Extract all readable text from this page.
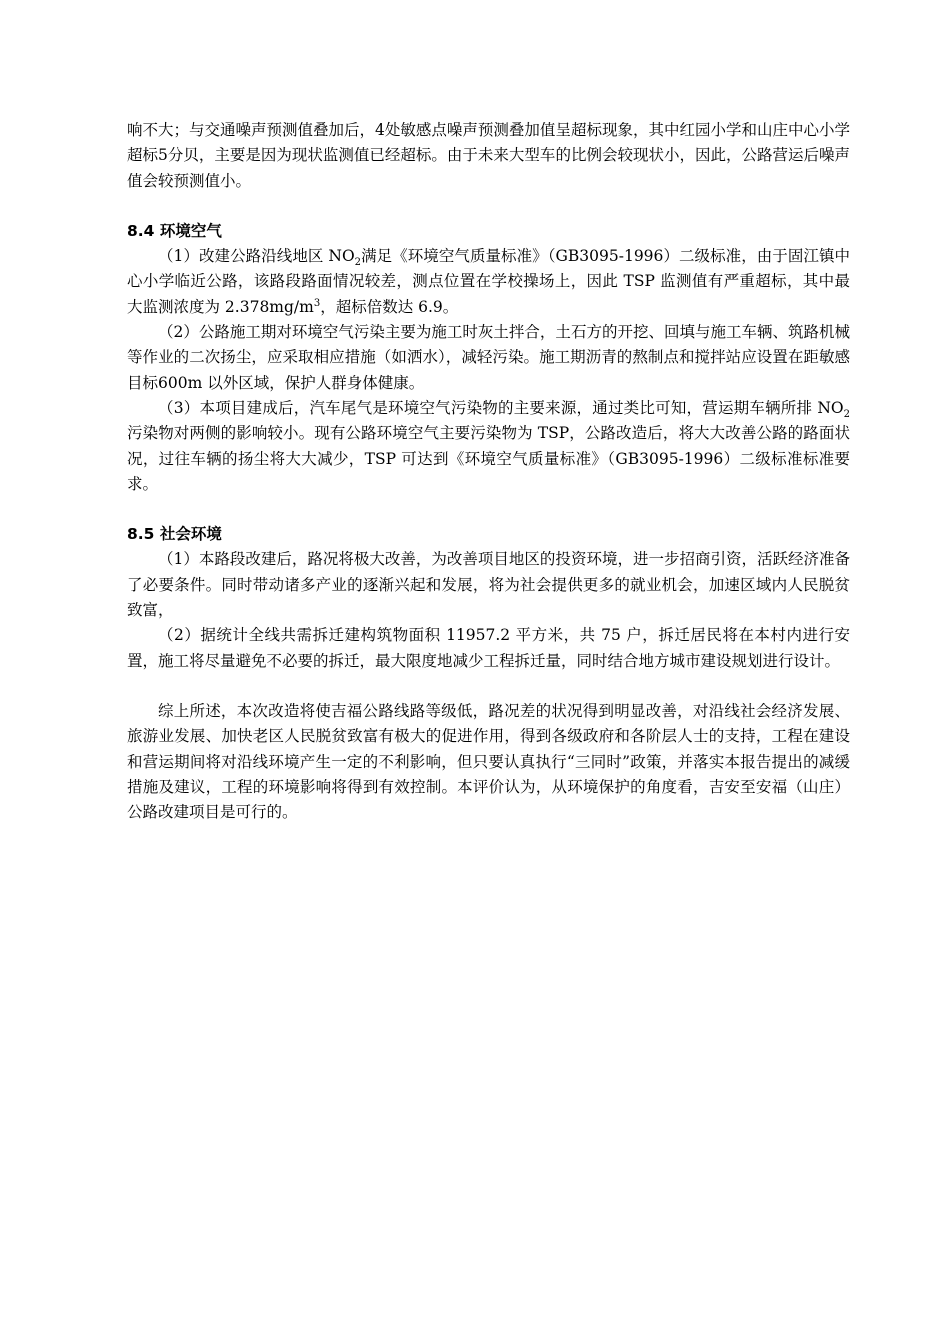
响不大；与交通噪声预测值叠加后，4处敏感点噪声预测叠加值呈超标现象，其中红园小学和山庄中心小学超标5分贝，主要是因为现状监测值已经超标。由于未来大型车的比例会较现状小，因此，公路营运后噪声值会较预测值小。

8.4 环境空气

（1）改建公路沿线地区 $NO_2$满足《环境空气质量标准》（GB3095-1996）二级标准，由于固江镇中心小学临近公路，该路段路面情况较差，测点位置在学校操场上，因此 TSP 监测值有严重超标，其中最大监测浓度为 $2.378mg/m^3$，超标倍数达 6.9。

（2）公路施工期对环境空气污染主要为施工时灰土拌合，土石方的开挖、回填与施工车辆、筑路机械等作业的二次扬尘，应采取相应措施（如洒水），减轻污染。施工期沥青的熬制点和搅拌站应设置在距敏感目标600m 以外区域，保护人群身体健康。

（3）本项目建成后，汽车尾气是环境空气污染物的主要来源，通过类比可知，营运期车辆所排 $NO_2$污染物对两侧的影响较小。现有公路环境空气主要污染物为 TSP，公路改造后，将大大改善公路的路面状况，过往车辆的扬尘将大大减少，TSP 可达到《环境空气质量标准》（GB3095-1996）二级标准标准要求。

8.5 社会环境

（1）本路段改建后，路况将极大改善，为改善项目地区的投资环境，进一步招商引资，活跃经济准备了必要条件。同时带动诸多产业的逐渐兴起和发展，将为社会提供更多的就业机会，加速区域内人民脱贫致富，

（2）据统计全线共需拆迁建构筑物面积 11957.2 平方米，共 75 户，拆迁居民将在本村内进行安置，施工将尽量避免不必要的拆迁，最大限度地减少工程拆迁量，同时结合地方城市建设规划进行设计。

综上所述，本次改造将使吉福公路线路等级低，路况差的状况得到明显改善，对沿线社会经济发展、旅游业发展、加快老区人民脱贫致富有极大的促进作用，得到各级政府和各阶层人士的支持，工程在建设和营运期间将对沿线环境产生一定的不利影响，但只要认真执行“三同时”政策，并落实本报告提出的减缓措施及建议，工程的环境影响将得到有效控制。本评价认为，从环境保护的角度看，吉安至安福（山庄）公路改建项目是可行的。
